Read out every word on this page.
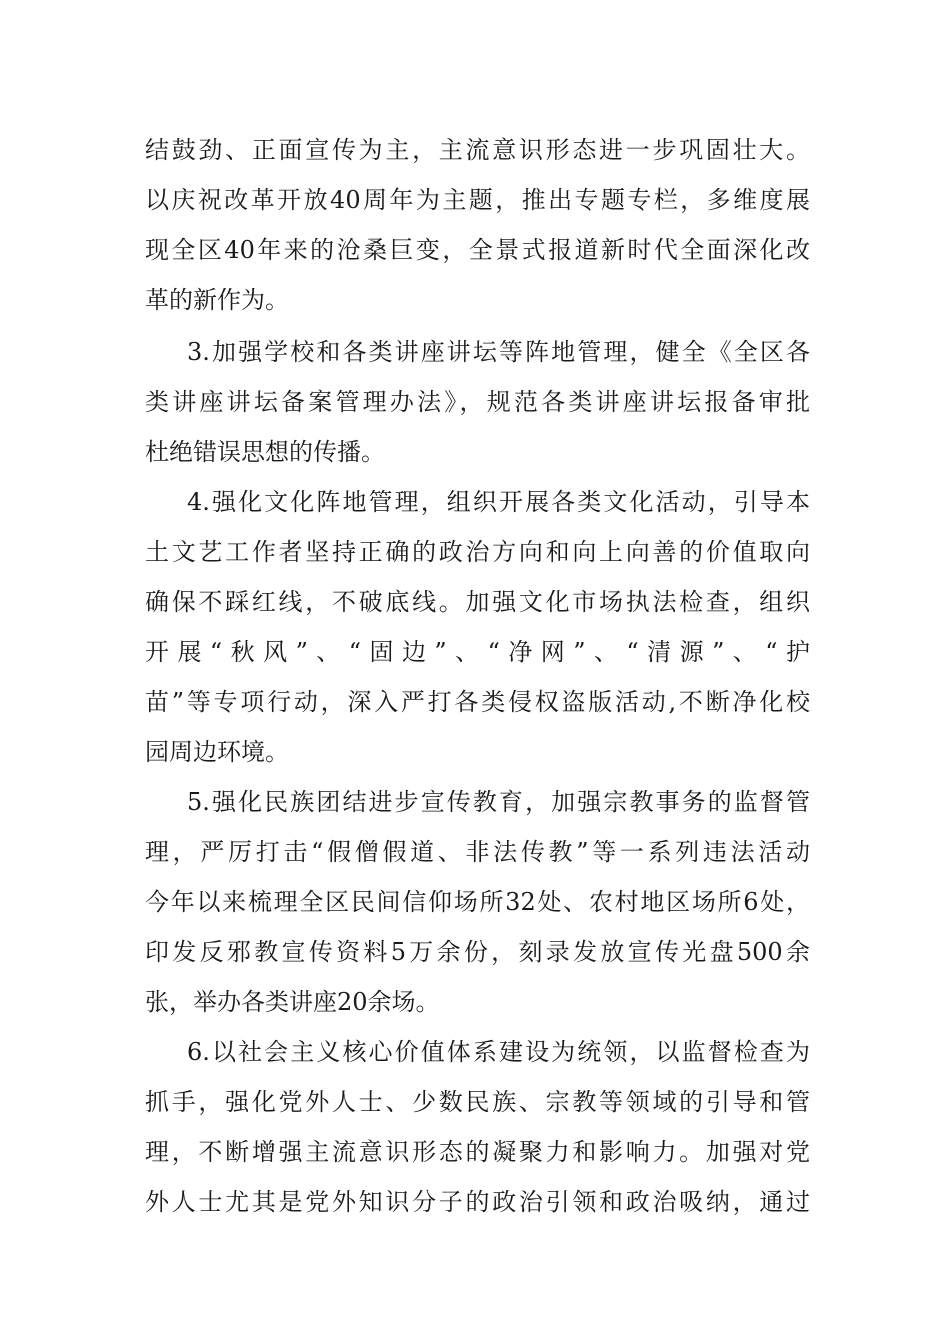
结鼓劲、正面宣传为主，主流意识形态进一步巩固壮大。
以庆祝改革开放40周年为主题，推出专题专栏，多维度展
现全区40年来的沧桑巨变，全景式报道新时代全面深化改
革的新作为。
3.加强学校和各类讲座讲坛等阵地管理，健全《全区各
类讲座讲坛备案管理办法》，规范各类讲座讲坛报备审批
杜绝错误思想的传播。
4.强化文化阵地管理，组织开展各类文化活动，引导本
土文艺工作者坚持正确的政治方向和向上向善的价值取向
确保不踩红线，不破底线。加强文化市场执法检查，组织
开展“秋风”、“固边”、“净网”、“清源”、“护
苗”等专项行动，深入严打各类侵权盗版活动,不断净化校
园周边环境。
5.强化民族团结进步宣传教育，加强宗教事务的监督管
理，严厉打击“假僧假道、非法传教”等一系列违法活动
今年以来梳理全区民间信仰场所32处、农村地区场所6处，
印发反邪教宣传资料5万余份，刻录发放宣传光盘500余
张，举办各类讲座20余场。
6.以社会主义核心价值体系建设为统领，以监督检查为
抓手，强化党外人士、少数民族、宗教等领域的引导和管
理，不断增强主流意识形态的凝聚力和影响力。加强对党
外人士尤其是党外知识分子的政治引领和政治吸纳，通过
